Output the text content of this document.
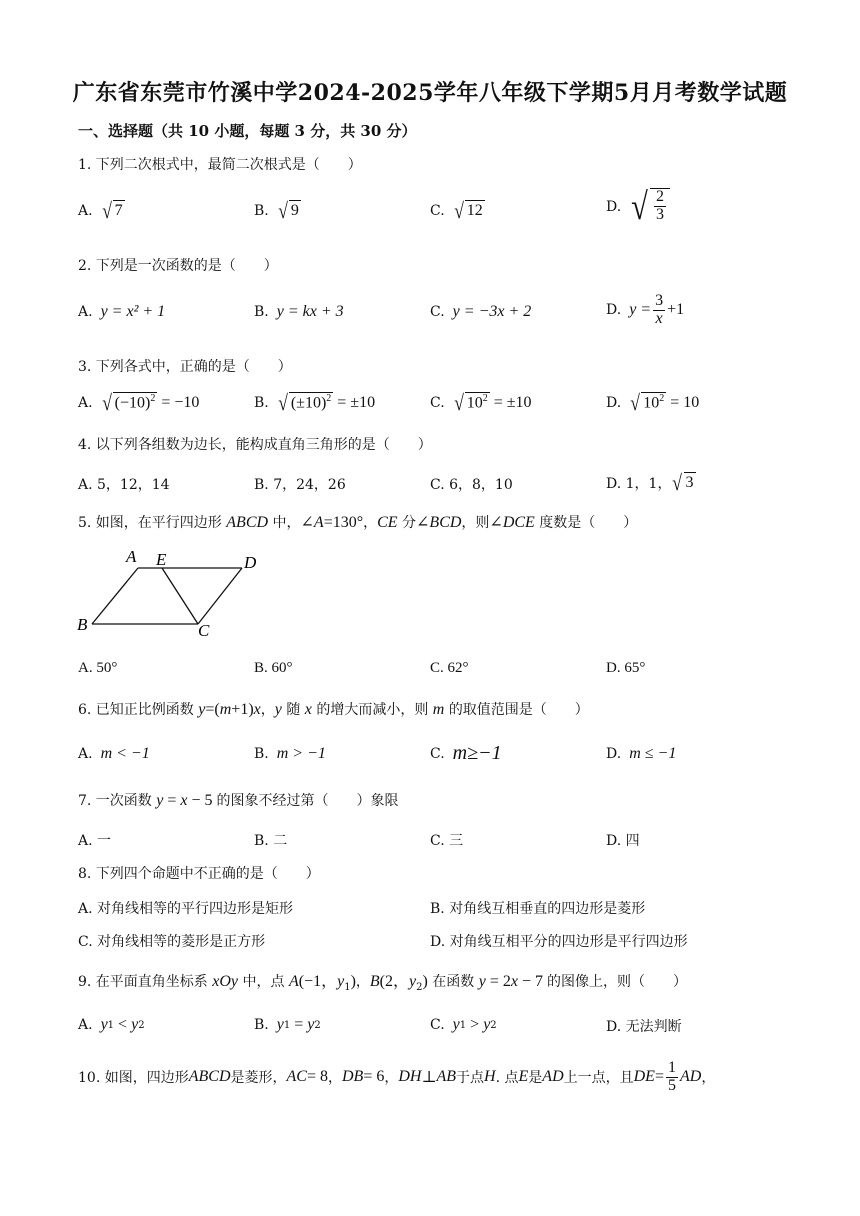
广东省东莞市竹溪中学2024-2025学年八年级下学期5月月考数学试题
一、选择题（共 10 小题，每题 3 分，共 30 分）
1. 下列二次根式中，最简二次根式是（　　）
A. √ 7	B. √ 9	C. √ 12	D. √ $\frac{2}{3}$
2. 下列是一次函数的是（　　）
A. y = x² + 1	B. y = kx + 3	C. y = −3x + 2	D. $y = \frac{3}{x} +1$
3. 下列各式中，正确的是（　　）
A. √ $(-10)^2 = -10$	B. √ $(\pm 10)^2 = \pm 10$	C. √ $10^2 = \pm 10$	D. √ $10^2 = 10$
4. 以下列各组数为边长，能构成直角三角形的是（　　）
A. 5，12，14	B. 7，24，26	C. 6，8，10	D. 1，1， √ 3
5. 如图，在平行四边形 ABCD 中，∠A=130°，CE 分∠BCD，则∠DCE 度数是（　　）
A E	D
B	C
A. 50°	B. 60°	C. 62°	D. 65°
6. 已知正比例函数 y=(m+1)x，y 随 x 的增大而减小，则 m 的取值范围是（　　）
A. m < −1	B. m > −1	C. m≥−1	D. m ≤ −1
7. 一次函数 y = x − 5 的图象不经过第（　　）象限
A. 一	B. 二	C. 三	D. 四
8. 下列四个命题中不正确的是（　　）
A. 对角线相等的平行四边形是矩形	B. 对角线互相垂直的四边形是菱形
C. 对角线相等的菱形是正方形	D. 对角线互相平分的四边形是平行四边形
9. 在平面直角坐标系 xOy 中，点 A(−1，$y_1$)，B(2，$y_2$) 在函数 y = 2x − 7 的图像上，则（　　）
A. y 1 < y 2	B. y 1 = y 2	C. y 1 > y 2	D. 无法判断
10. 如图，四边形 ABCD 是菱形， AC = 8 ， DB = 6 ， DH ⊥ AB 于点 H . 点 E 是 AD 上一点，且 DE = $\frac{1}{5}$ AD ，
